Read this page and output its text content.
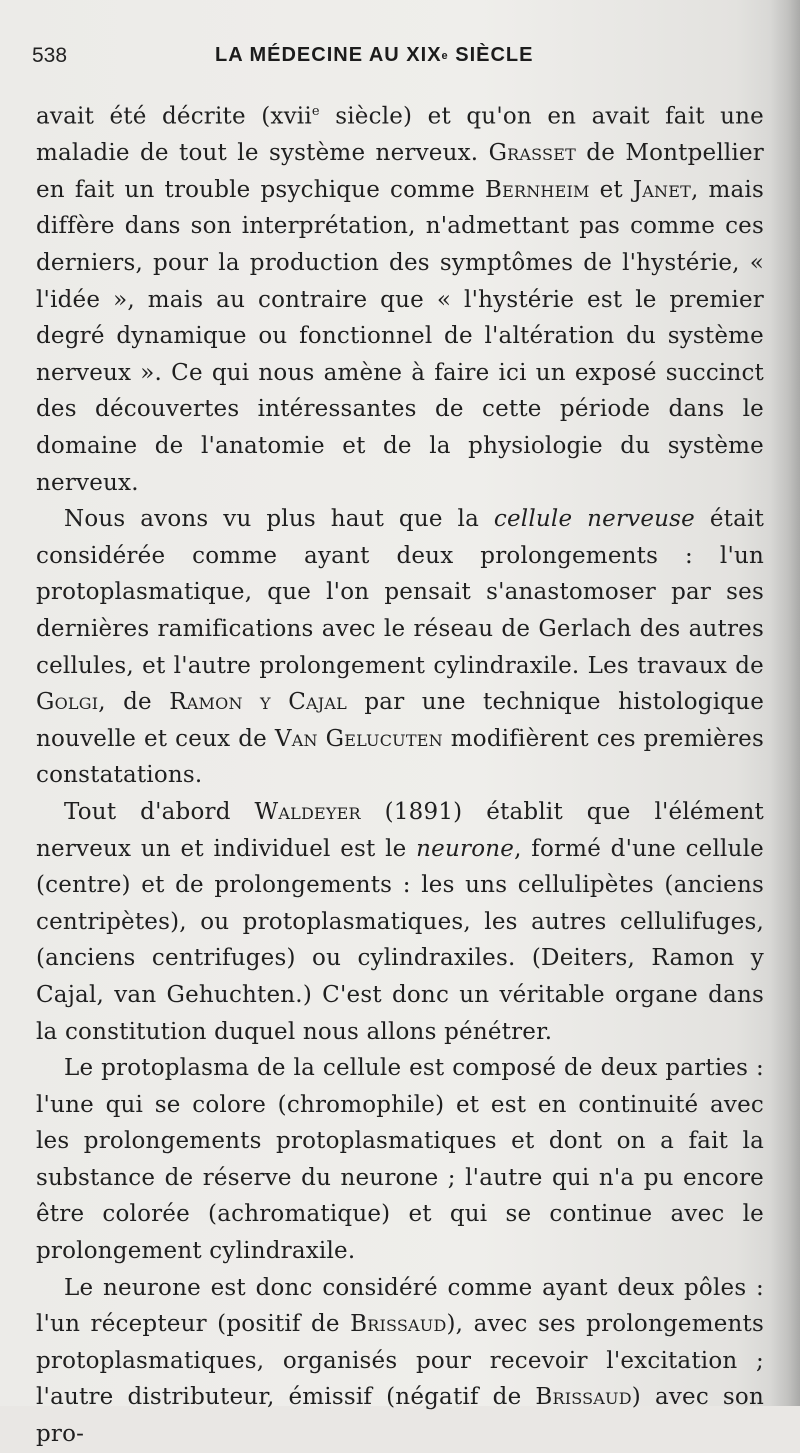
538	LA MÉDECINE AU XIXe SIÈCLE

avait été décrite (xvii$^e$ siècle) et qu'on en avait fait une maladie de tout le système nerveux. Grasset de Montpellier en fait un trouble psychique comme Bernheim et Janet, mais diffère dans son interprétation, n'admettant pas comme ces derniers, pour la production des symptômes de l'hystérie, « l'idée », mais au contraire que « l'hystérie est le premier degré dynamique ou fonctionnel de l'altération du système nerveux ». Ce qui nous amène à faire ici un exposé succinct des découvertes intéressantes de cette période dans le domaine de l'anatomie et de la physiologie du système nerveux.

Nous avons vu plus haut que la cellule nerveuse était considérée comme ayant deux prolongements : l'un protoplasmatique, que l'on pensait s'anastomoser par ses dernières ramifications avec le réseau de Gerlach des autres cellules, et l'autre prolongement cylindraxile. Les travaux de Golgi, de Ramon y Cajal par une technique histologique nouvelle et ceux de Van Gelucuten modifièrent ces premières constatations.

Tout d'abord Waldeyer (1891) établit que l'élément nerveux un et individuel est le neurone, formé d'une cellule (centre) et de prolongements : les uns cellulipètes (anciens centripètes), ou protoplasmatiques, les autres cellulifuges, (anciens centrifuges) ou cylindraxiles. (Deiters, Ramon y Cajal, van Gehuchten.) C'est donc un véritable organe dans la constitution duquel nous allons pénétrer.

Le protoplasma de la cellule est composé de deux parties : l'une qui se colore (chromophile) et est en continuité avec les prolongements protoplasmatiques et dont on a fait la substance de réserve du neurone ; l'autre qui n'a pu encore être colorée (achromatique) et qui se continue avec le prolongement cylindraxile.

Le neurone est donc considéré comme ayant deux pôles : l'un récepteur (positif de Brissaud), avec ses prolongements protoplasmatiques, organisés pour recevoir l'excitation ; l'autre distributeur, émissif (négatif de Brissaud) avec son pro-
